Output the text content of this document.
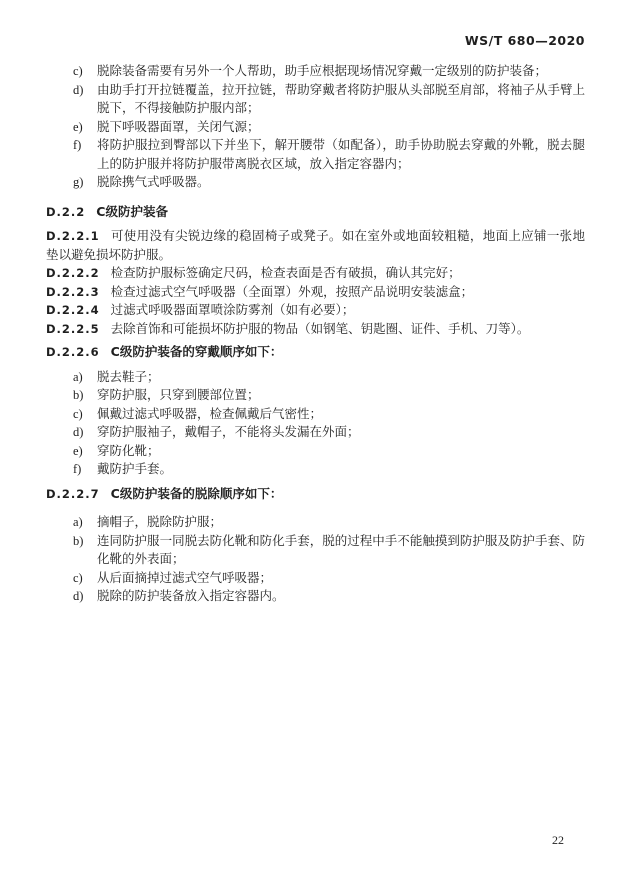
WS/T 680—2020
c)	脱除装备需要有另外一个人帮助，助手应根据现场情况穿戴一定级别的防护装备；
d)	由助手打开拉链覆盖，拉开拉链，帮助穿戴者将防护服从头部脱至肩部，将袖子从手臂上脱下，不得接触防护服内部；
e)	脱下呼吸器面罩，关闭气源；
f)	将防护服拉到臀部以下并坐下，解开腰带（如配备），助手协助脱去穿戴的外靴，脱去腿上的防护服并将防护服带离脱衣区域，放入指定容器内；
g)	脱除携气式呼吸器。

D.2.2 C级防护装备

D.2.2.1 可使用没有尖锐边缘的稳固椅子或凳子。如在室外或地面较粗糙，地面上应铺一张地垫以避免损坏防护服。

D.2.2.2 检查防护服标签确定尺码，检查表面是否有破损，确认其完好；

D.2.2.3 检查过滤式空气呼吸器（全面罩）外观，按照产品说明安装滤盒；

D.2.2.4 过滤式呼吸器面罩喷涂防雾剂（如有必要）；

D.2.2.5 去除首饰和可能损坏防护服的物品（如钢笔、钥匙圈、证件、手机、刀等）。

D.2.2.6 C级防护装备的穿戴顺序如下：

a)	脱去鞋子；
b)	穿防护服，只穿到腰部位置；
c)	佩戴过滤式呼吸器，检查佩戴后气密性；
d)	穿防护服袖子，戴帽子，不能将头发漏在外面；
e)	穿防化靴；
f)	戴防护手套。

D.2.2.7 C级防护装备的脱除顺序如下：

a)	摘帽子，脱除防护服；
b)	连同防护服一同脱去防化靴和防化手套，脱的过程中手不能触摸到防护服及防护手套、防化靴的外表面；
c)	从后面摘掉过滤式空气呼吸器；
d)	脱除的防护装备放入指定容器内。
22
